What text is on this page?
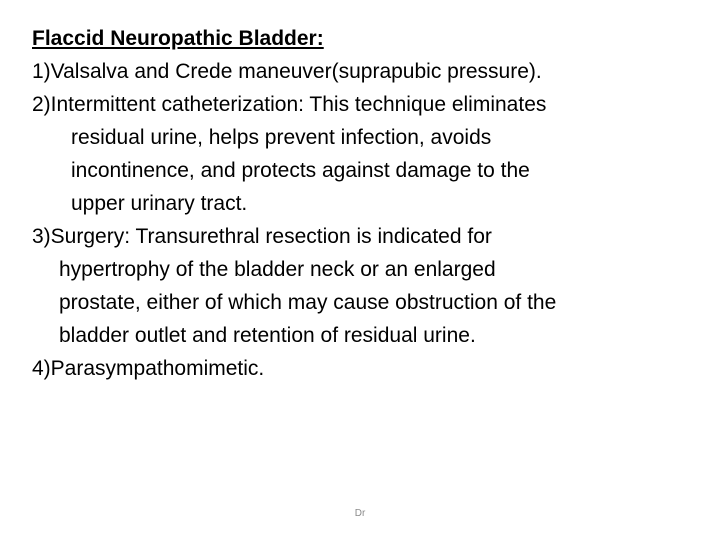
Flaccid Neuropathic Bladder:
1)Valsalva and Crede maneuver(suprapubic pressure).
2)Intermittent catheterization: This technique eliminates
residual urine, helps prevent infection, avoids
incontinence, and protects against damage to the
upper urinary tract.
3)Surgery: Transurethral resection is indicated for
hypertrophy of the bladder neck or an enlarged
prostate, either of which may cause obstruction of the
bladder outlet and retention of residual urine.
4)Parasympathomimetic.
Dr
